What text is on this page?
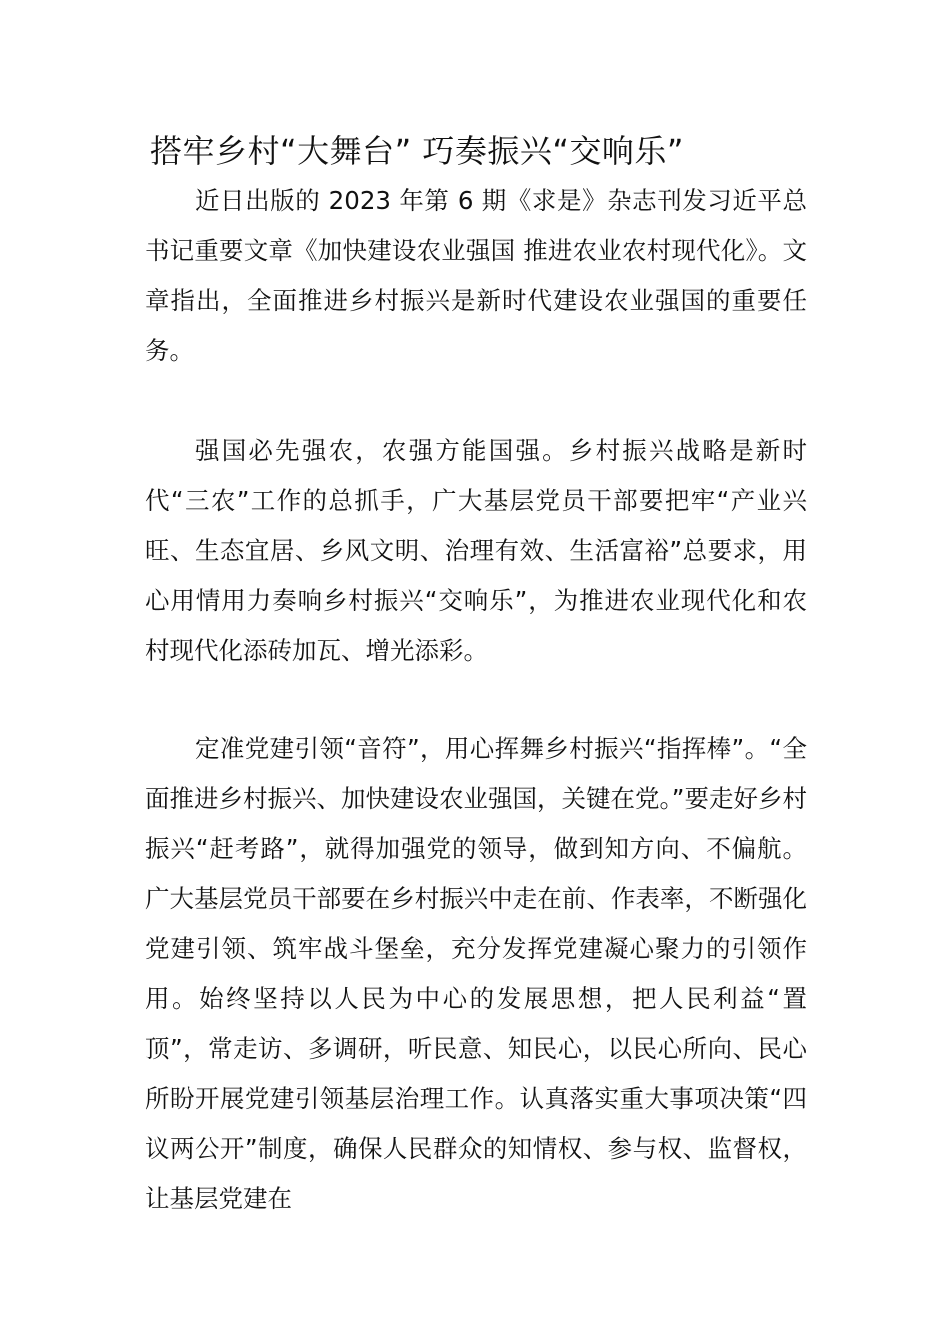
搭牢乡村“大舞台” 巧奏振兴“交响乐”

近日出版的 2023 年第 6 期《求是》杂志刊发习近平总书记重要文章《加快建设农业强国 推进农业农村现代化》。文章指出，全面推进乡村振兴是新时代建设农业强国的重要任务。

强国必先强农，农强方能国强。乡村振兴战略是新时代“三农”工作的总抓手，广大基层党员干部要把牢“产业兴旺、生态宜居、乡风文明、治理有效、生活富裕”总要求，用心用情用力奏响乡村振兴“交响乐”，为推进农业现代化和农村现代化添砖加瓦、增光添彩。

定准党建引领“音符”，用心挥舞乡村振兴“指挥棒”。“全面推进乡村振兴、加快建设农业强国，关键在党。”要走好乡村振兴“赶考路”，就得加强党的领导，做到知方向、不偏航。广大基层党员干部要在乡村振兴中走在前、作表率，不断强化党建引领、筑牢战斗堡垒，充分发挥党建凝心聚力的引领作用。始终坚持以人民为中心的发展思想，把人民利益“置顶”，常走访、多调研，听民意、知民心，以民心所向、民心所盼开展党建引领基层治理工作。认真落实重大事项决策“四议两公开”制度，确保人民群众的知情权、参与权、监督权，让基层党建在
